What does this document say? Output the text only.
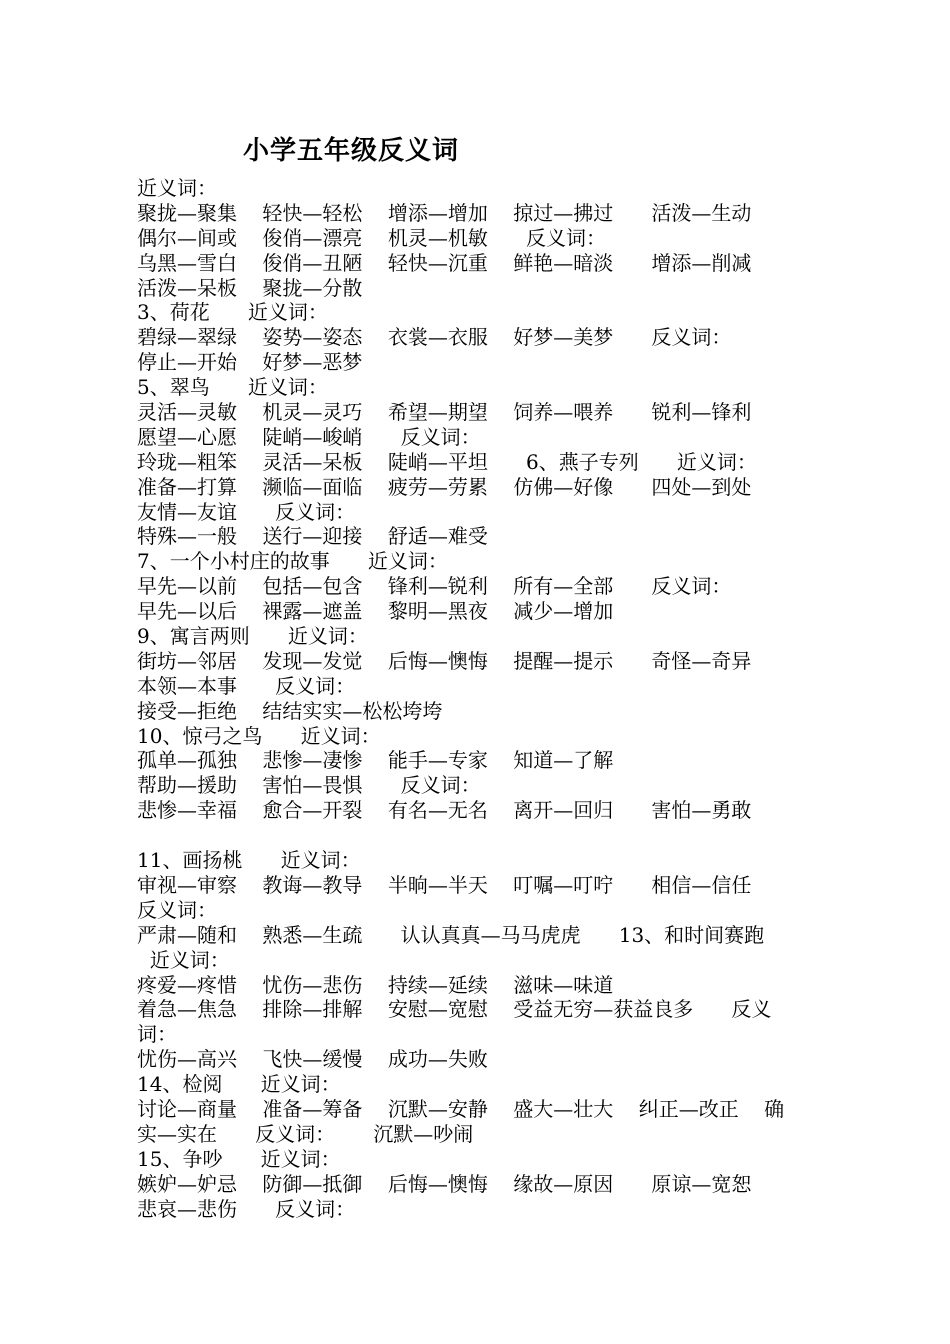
小学五年级反义词
近义词：
聚拢—聚集    轻快—轻松    增添—增加    掠过—拂过      活泼—生动
偶尔—间或    俊俏—漂亮    机灵—机敏      反义词：
乌黑—雪白    俊俏—丑陋    轻快—沉重    鲜艳—暗淡      增添—削减
活泼—呆板    聚拢—分散
3、荷花      近义词：
碧绿—翠绿    姿势—姿态    衣裳—衣服    好梦—美梦      反义词：
停止—开始    好梦—恶梦
5、翠鸟      近义词：
灵活—灵敏    机灵—灵巧    希望—期望    饲养—喂养      锐利—锋利
愿望—心愿    陡峭—峻峭      反义词：
玲珑—粗笨    灵活—呆板    陡峭—平坦      6、燕子专列      近义词：
准备—打算    濒临—面临    疲劳—劳累    仿佛—好像      四处—到处
友情—友谊      反义词：
特殊—一般    送行—迎接    舒适—难受
7、一个小村庄的故事      近义词：
早先—以前    包括—包含    锋利—锐利    所有—全部      反义词：
早先—以后    裸露—遮盖    黎明—黑夜    减少—增加
9、寓言两则      近义词：
街坊—邻居    发现—发觉    后悔—懊悔    提醒—提示      奇怪—奇异
本领—本事      反义词：
接受—拒绝    结结实实—松松垮垮
10、惊弓之鸟      近义词：
孤单—孤独    悲惨—凄惨    能手—专家    知道—了解
帮助—援助    害怕—畏惧      反义词：
悲惨—幸福    愈合—开裂    有名—无名    离开—回归      害怕—勇敢
11、画扬桃      近义词：
审视—审察    教诲—教导    半晌—半天    叮嘱—叮咛      相信—信任
反义词：
严肃—随和    熟悉—生疏      认认真真—马马虎虎      13、和时间赛跑
近义词：
疼爱—疼惜    忧伤—悲伤    持续—延续    滋味—味道
着急—焦急    排除—排解    安慰—宽慰    受益无穷—获益良多      反义
词：
忧伤—高兴    飞快—缓慢    成功—失败
14、检阅      近义词：
讨论—商量    准备—筹备    沉默—安静    盛大—壮大    纠正—改正    确
实—实在      反义词：      沉默—吵闹
15、争吵      近义词：
嫉妒—妒忌    防御—抵御    后悔—懊悔    缘故—原因      原谅—宽恕
悲哀—悲伤      反义词：
